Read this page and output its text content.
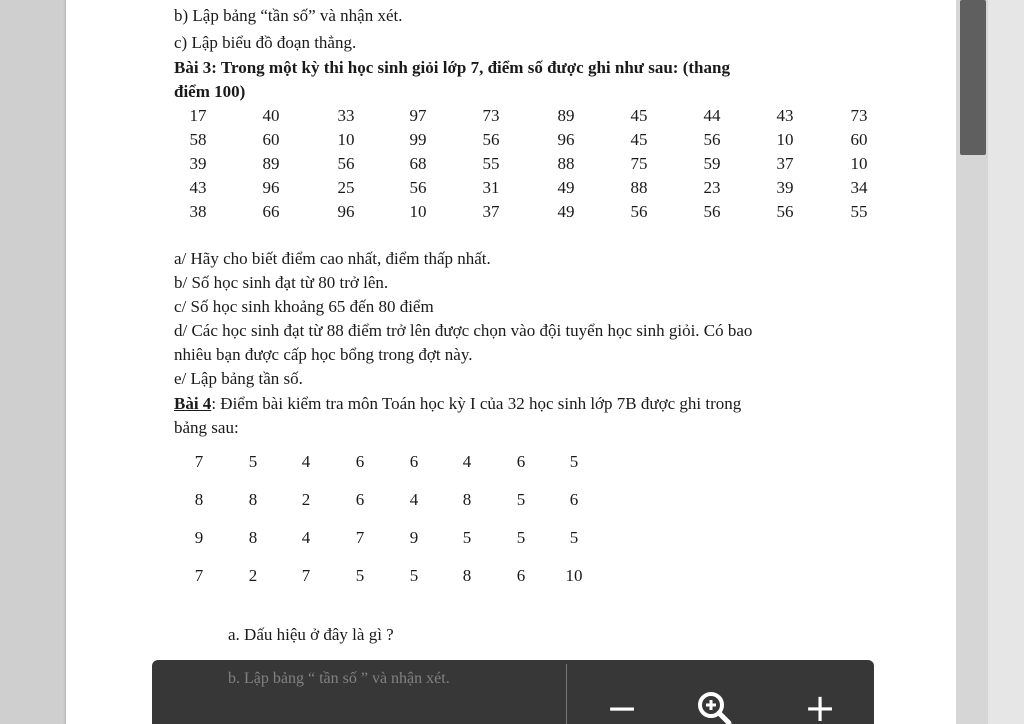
b) Lập bảng “tần số” và nhận xét.
c) Lập biểu đồ đoạn thẳng.
Bài 3: Trong một kỳ thi học sinh giỏi lớp 7, điểm số được ghi như sau: (thang
điểm 100)
17	40	33	97	73	89	45	44	43	73
58	60	10	99	56	96	45	56	10	60
39	89	56	68	55	88	75	59	37	10
43	96	25	56	31	49	88	23	39	34
38	66	96	10	37	49	56	56	56	55
a/ Hãy cho biết điểm cao nhất, điểm thấp nhất.
b/ Số học sinh đạt từ 80 trở lên.
c/ Số học sinh khoảng 65 đến 80 điểm
d/ Các học sinh đạt từ 88 điểm trở lên được chọn vào đội tuyển học sinh giỏi. Có bao
nhiêu bạn được cấp học bổng trong đợt này.
e/ Lập bảng tần số.
Bài 4: Điểm bài kiểm tra môn Toán học kỳ I của 32 học sinh lớp 7B được ghi trong
bảng sau:
7	5	4	6	6	4	6	5
8	8	2	6	4	8	5	6
9	8	4	7	9	5	5	5
7	2	7	5	5	8	6	10
a. Dấu hiệu ở đây là gì ?
b. Lập bảng “ tần số ” và nhận xét.
−	+
